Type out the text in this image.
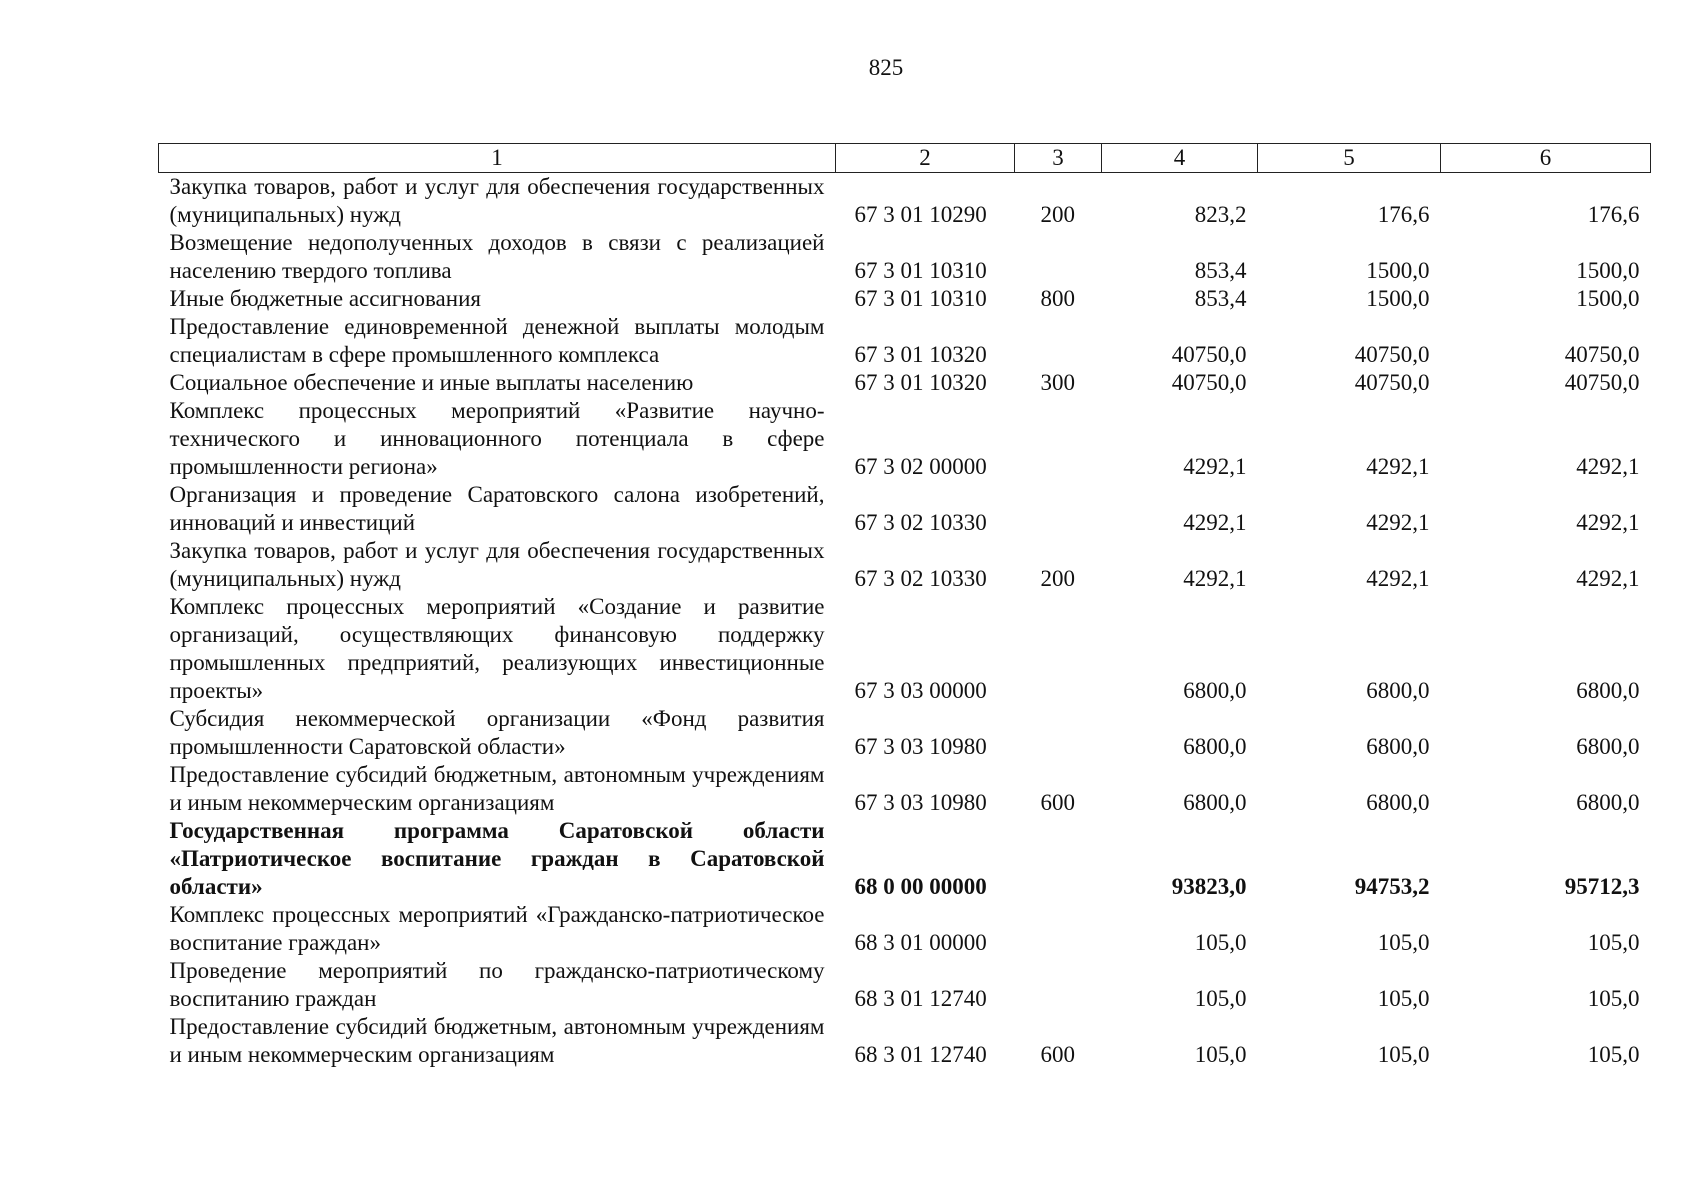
825
1	2	3	4	5	6
Закупка товаров, работ и услуг для обеспечения государственных (муниципальных) нужд	67 3 01 10290	200	823,2	176,6	176,6
Возмещение недополученных доходов в связи с реализацией населению твердого топлива	67 3 01 10310		853,4	1500,0	1500,0
Иные бюджетные ассигнования	67 3 01 10310	800	853,4	1500,0	1500,0
Предоставление единовременной денежной выплаты молодым специалистам в сфере промышленного комплекса	67 3 01 10320		40750,0	40750,0	40750,0
Социальное обеспечение и иные выплаты населению	67 3 01 10320	300	40750,0	40750,0	40750,0
Комплекс процессных мероприятий «Развитие научно-технического и инновационного потенциала в сфере промышленности региона»	67 3 02 00000		4292,1	4292,1	4292,1
Организация и проведение Саратовского салона изобретений, инноваций и инвестиций	67 3 02 10330		4292,1	4292,1	4292,1
Закупка товаров, работ и услуг для обеспечения государственных (муниципальных) нужд	67 3 02 10330	200	4292,1	4292,1	4292,1
Комплекс процессных мероприятий «Создание и развитие организаций, осуществляющих финансовую поддержку промышленных предприятий, реализующих инвестиционные проекты»	67 3 03 00000		6800,0	6800,0	6800,0
Субсидия некоммерческой организации «Фонд развития промышленности Саратовской области»	67 3 03 10980		6800,0	6800,0	6800,0
Предоставление субсидий бюджетным, автономным учреждениям и иным некоммерческим организациям	67 3 03 10980	600	6800,0	6800,0	6800,0
Государственная программа Саратовской области «Патриотическое воспитание граждан в Саратовской области»	68 0 00 00000		93823,0	94753,2	95712,3
Комплекс процессных мероприятий «Гражданско-патриотическое воспитание граждан»	68 3 01 00000		105,0	105,0	105,0
Проведение мероприятий по гражданско-патриотическому воспитанию граждан	68 3 01 12740		105,0	105,0	105,0
Предоставление субсидий бюджетным, автономным учреждениям и иным некоммерческим организациям	68 3 01 12740	600	105,0	105,0	105,0
